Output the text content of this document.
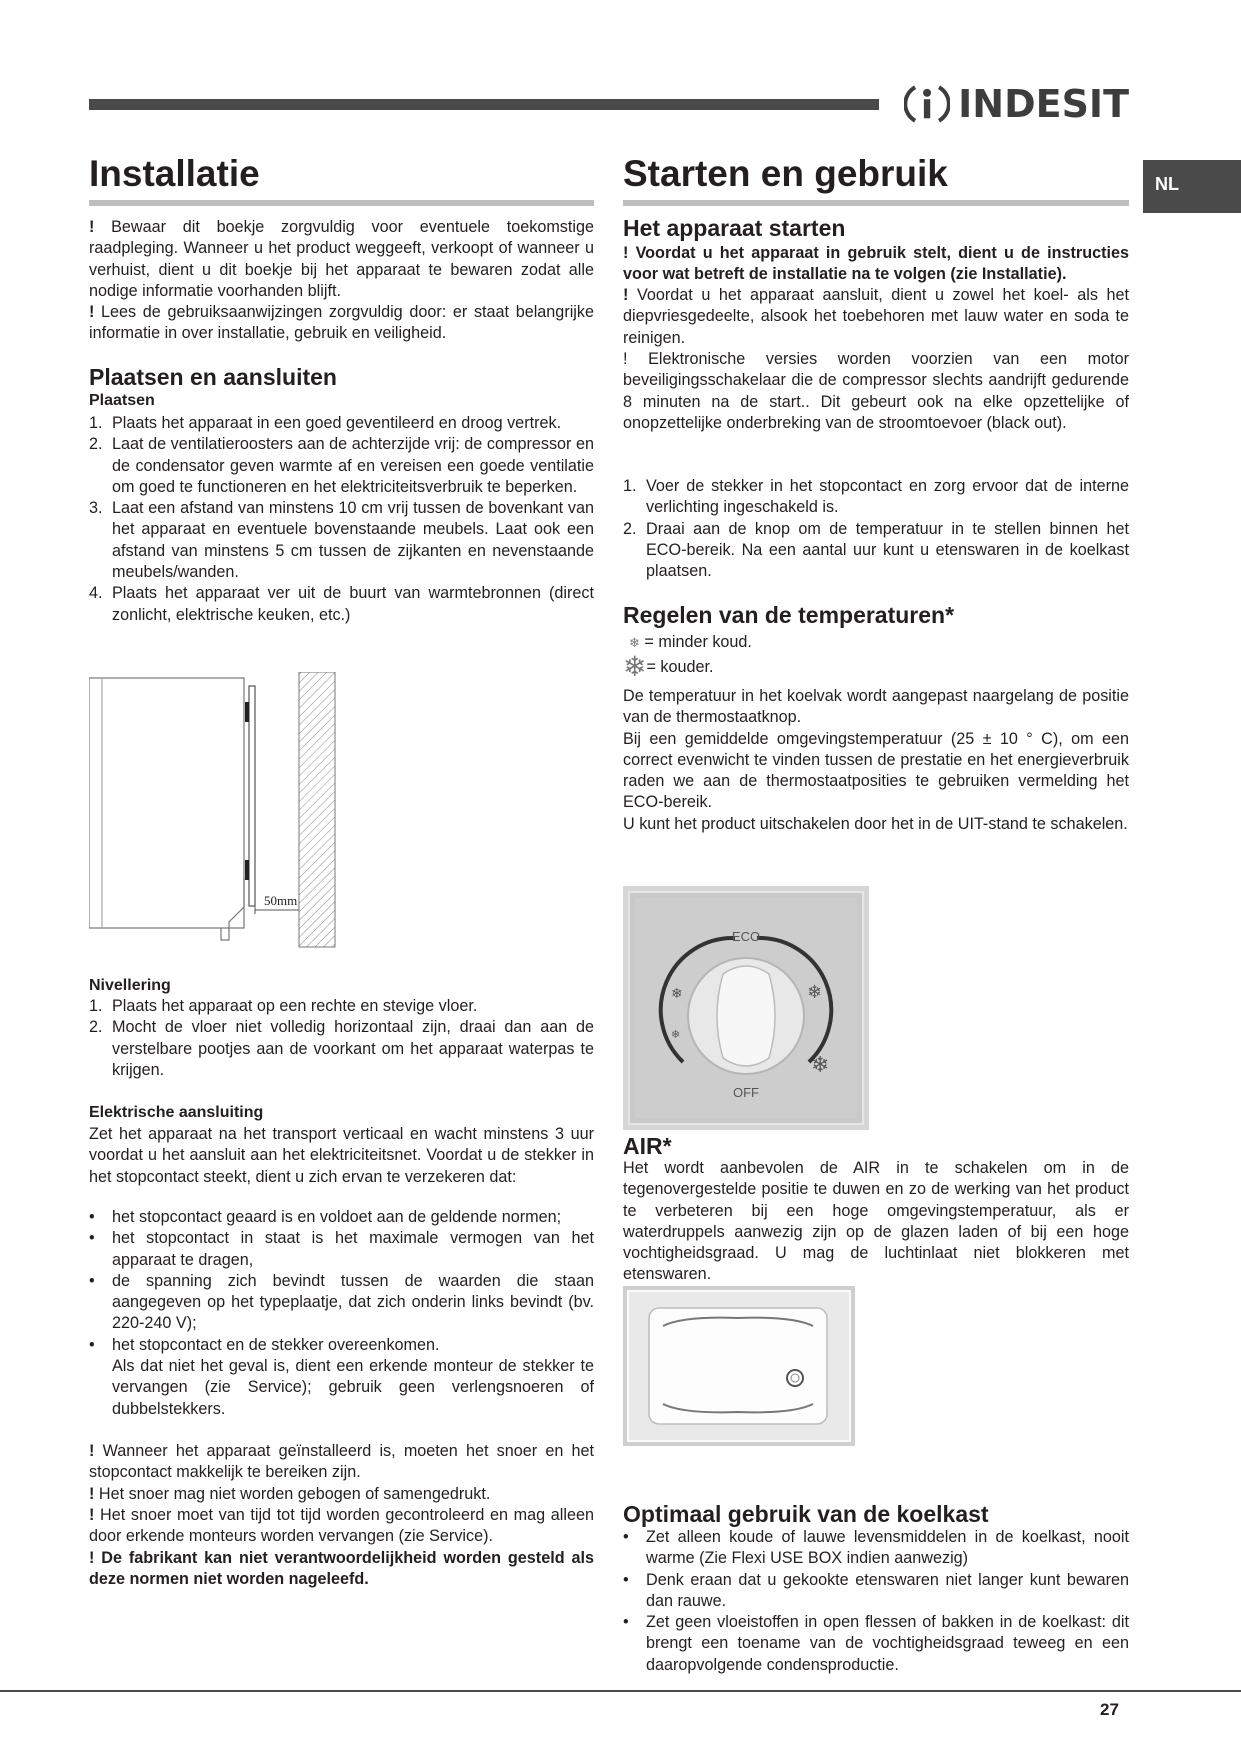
INDESIT
NL
Installatie
! Bewaar dit boekje zorgvuldig voor eventuele toekomstige raadpleging. Wanneer u het product weggeeft, verkoopt of wanneer u verhuist, dient u dit boekje bij het apparaat te bewaren zodat alle nodige informatie voorhanden blijft.
! Lees de gebruiksaanwijzingen zorgvuldig door: er staat belangrijke informatie in over installatie, gebruik en veiligheid.
Plaatsen en aansluiten
Plaatsen
1. Plaats het apparaat in een goed geventileerd en droog vertrek.
2. Laat de ventilatieroosters aan de achterzijde vrij: de compressor en de condensator geven warmte af en vereisen een goede ventilatie om goed te functioneren en het elektriciteitsverbruik te beperken.
3. Laat een afstand van minstens 10 cm vrij tussen de bovenkant van het apparaat en eventuele bovenstaande meubels. Laat ook een afstand van minstens 5 cm tussen de zijkanten en nevenstaande meubels/wanden.
4. Plaats het apparaat ver uit de buurt van warmtebronnen (direct zonlicht, elektrische keuken, etc.)
50mm
Nivellering
1. Plaats het apparaat op een rechte en stevige vloer.
2. Mocht de vloer niet volledig horizontaal zijn, draai dan aan de verstelbare pootjes aan de voorkant om het apparaat waterpas te krijgen.
Elektrische aansluiting
Zet het apparaat na het transport verticaal en wacht minstens 3 uur voordat u het aansluit aan het elektriciteitsnet. Voordat u de stekker in het stopcontact steekt, dient u zich ervan te verzekeren dat:
• het stopcontact geaard is en voldoet aan de geldende normen;
• het stopcontact in staat is het maximale vermogen van het apparaat te dragen,
• de spanning zich bevindt tussen de waarden die staan aangegeven op het typeplaatje, dat zich onderin links bevindt (bv. 220-240 V);
• het stopcontact en de stekker overeenkomen.
Als dat niet het geval is, dient een erkende monteur de stekker te vervangen (zie Service); gebruik geen verlengsnoeren of dubbelstekkers.
! Wanneer het apparaat geïnstalleerd is, moeten het snoer en het stopcontact makkelijk te bereiken zijn.
! Het snoer mag niet worden gebogen of samengedrukt.
! Het snoer moet van tijd tot tijd worden gecontroleerd en mag alleen door erkende monteurs worden vervangen (zie Service).
! De fabrikant kan niet verantwoordelijkheid worden gesteld als deze normen niet worden nageleefd.
Starten en gebruik
Het apparaat starten
! Voordat u het apparaat in gebruik stelt, dient u de instructies voor wat betreft de installatie na te volgen (zie Installatie).
! Voordat u het apparaat aansluit, dient u zowel het koel- als het diepvriesgedeelte, alsook het toebehoren met lauw water en soda te reinigen.
! Elektronische versies worden voorzien van een motor beveiligingsschakelaar die de compressor slechts aandrijft gedurende 8 minuten na de start.. Dit gebeurt ook na elke opzettelijke of onopzettelijke onderbreking van de stroomtoevoer (black out).
1. Voer de stekker in het stopcontact en zorg ervoor dat de interne verlichting ingeschakeld is.
2. Draai aan de knop om de temperatuur in te stellen binnen het ECO-bereik. Na een aantal uur kunt u etenswaren in de koelkast plaatsen.
Regelen van de temperaturen*
❄ = minder koud.
❄= kouder.
De temperatuur in het koelvak wordt aangepast naargelang de positie van de thermostaatknop.
Bij een gemiddelde omgevingstemperatuur (25 ± 10 ° C), om een correct evenwicht te vinden tussen de prestatie en het energieverbruik raden we aan de thermostaatposities te gebruiken vermelding het ECO-bereik.
U kunt het product uitschakelen door het in de UIT-stand te schakelen.
ECO
OFF
❄
❄
❄
❄
AIR*
Het wordt aanbevolen de AIR in te schakelen om in de tegenovergestelde positie te duwen en zo de werking van het product te verbeteren bij een hoge omgevingstemperatuur, als er waterdruppels aanwezig zijn op de glazen laden of bij een hoge vochtigheidsgraad. U mag de luchtinlaat niet blokkeren met etenswaren.
Optimaal gebruik van de koelkast
• Zet alleen koude of lauwe levensmiddelen in de koelkast, nooit warme (Zie Flexi USE BOX indien aanwezig)
• Denk eraan dat u gekookte etenswaren niet langer kunt bewaren dan rauwe.
• Zet geen vloeistoffen in open flessen of bakken in de koelkast: dit brengt een toename van de vochtigheidsgraad teweeg en een daaropvolgende condensproductie.
27
